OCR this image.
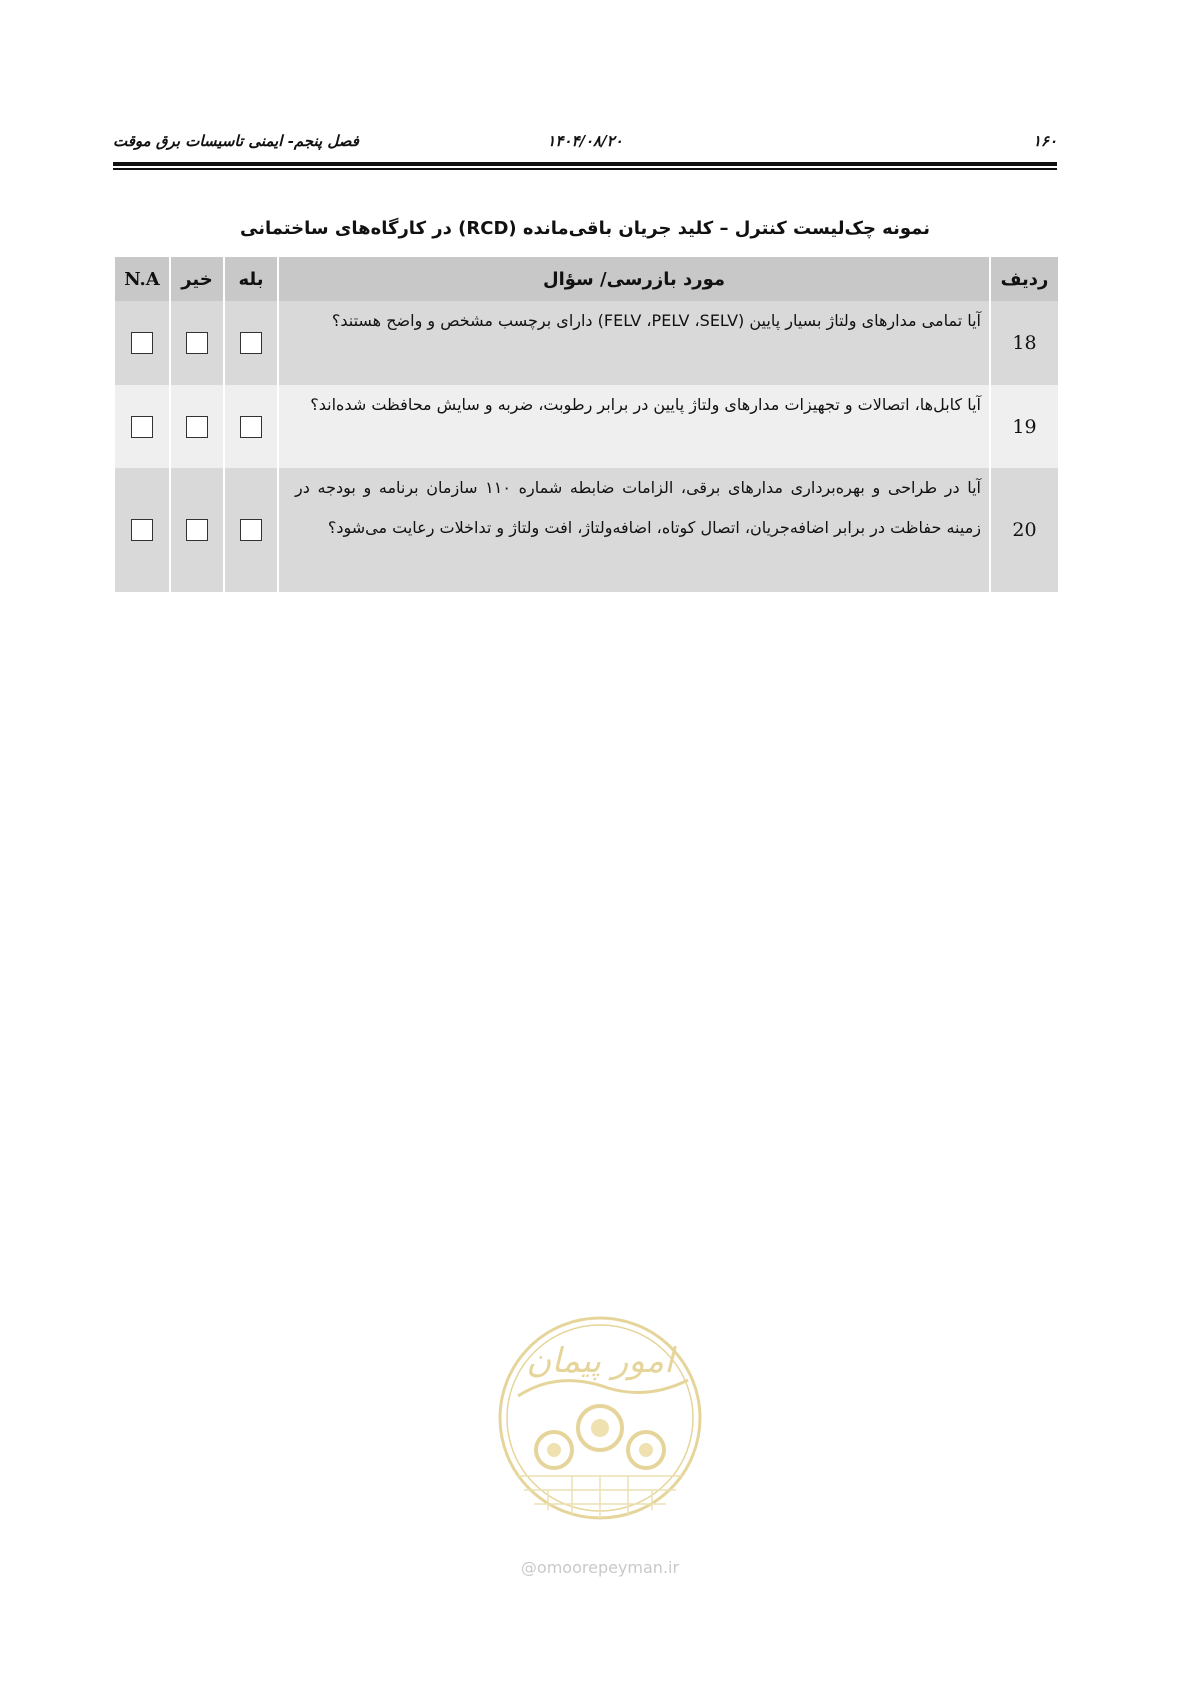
۱۶۰
۱۴۰۴/۰۸/۲۰
فصل پنجم- ایمنی تاسیسات برق موقت
نمونه چک‌لیست کنترل – کلید جریان باقی‌مانده (RCD) در کارگاه‌های ساختمانی
ردیف	مورد بازرسی/ سؤال	بله	خیر	N.A
18	آیا تمامی مدارهای ولتاژ بسیار پایین (FELV ،PELV ،SELV) دارای برچسب مشخص و واضح هستند؟			
19	آیا کابل‌ها، اتصالات و تجهیزات مدارهای ولتاژ پایین در برابر رطوبت، ضربه و سایش محافظت شده‌اند؟			
20	آیا در طراحی و بهره‌برداری مدارهای برقی، الزامات ضابطه شماره ۱۱۰ سازمان برنامه و بودجه در زمینه حفاظت در برابر اضافه‌جریان، اتصال کوتاه، اضافه‌ولتاژ، افت ولتاژ و تداخلات رعایت می‌شود؟			
امور پیمان
@omoorepeyman.ir
